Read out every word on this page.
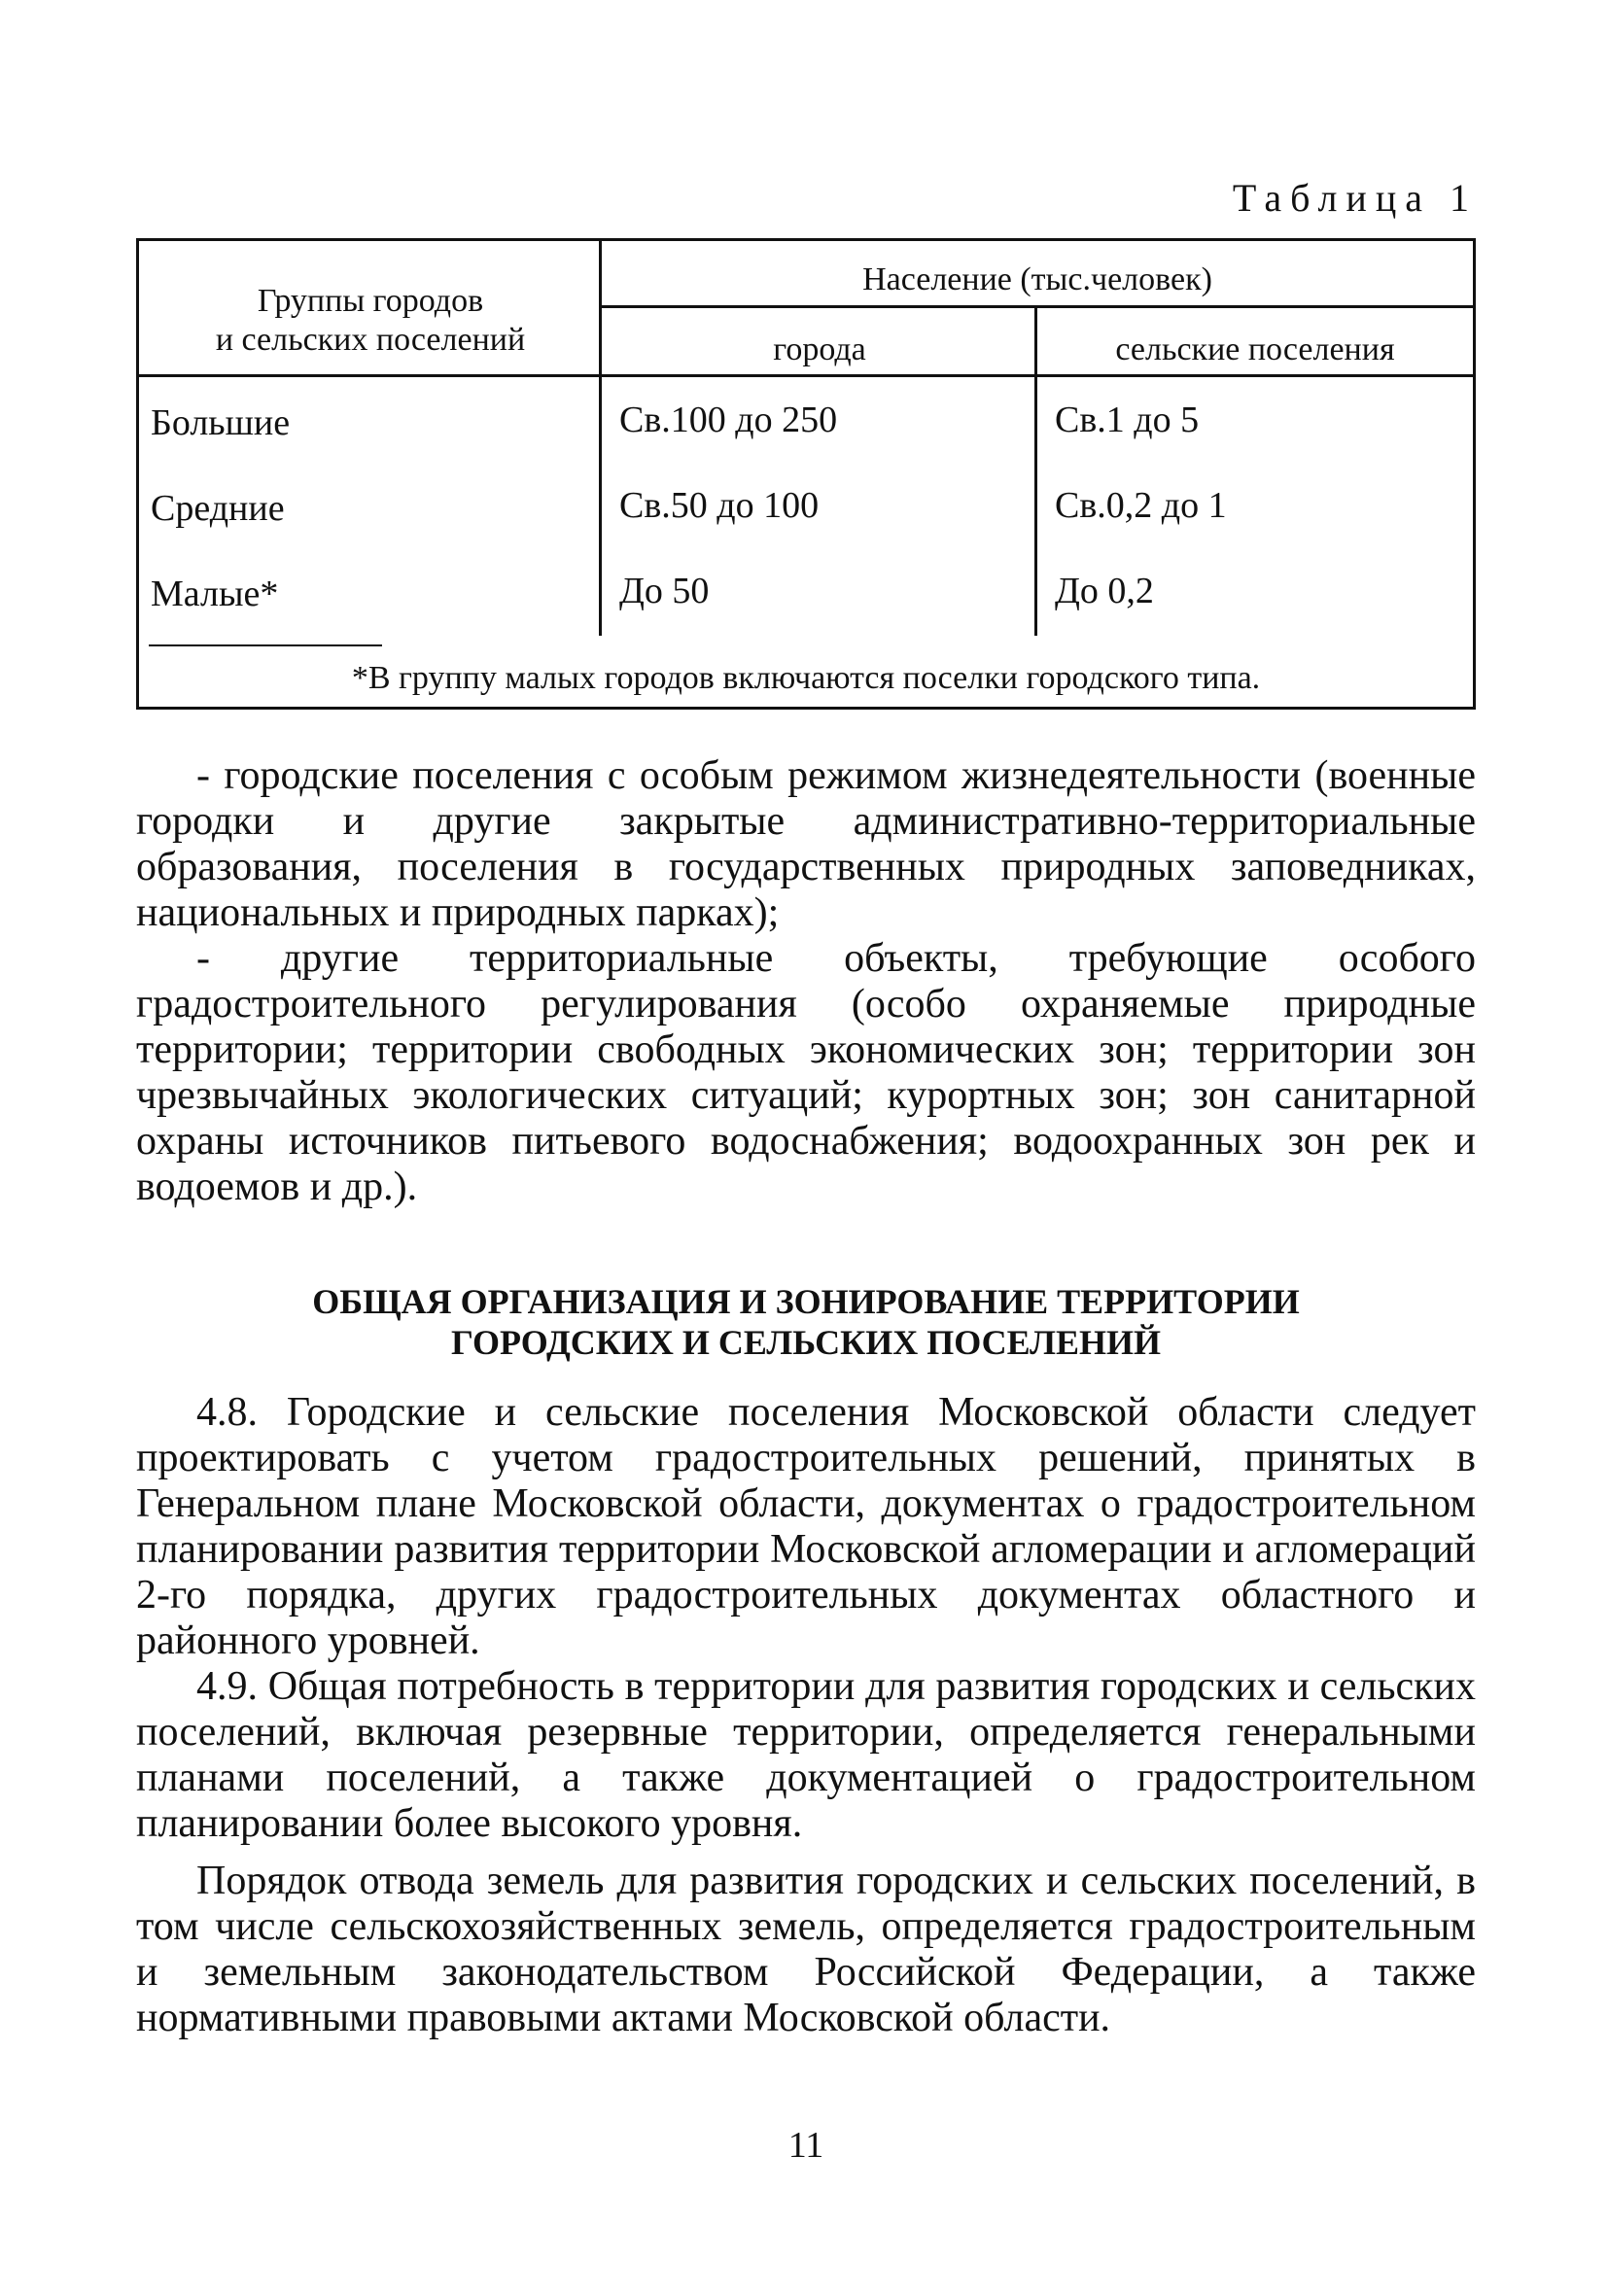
Таблица 1
Группы городов
и сельских поселений
Население (тыс.человек)
города	сельские поселения
Большие	Св.100 до 250	Св.1 до 5
Средние	Св.50 до 100	Св.0,2 до 1
Малые*	До 50	До 0,2
*В группу малых городов включаются поселки городского типа.

- городские поселения с особым режимом жизнедеятельности (военные городки и другие закрытые административно-территориальные образования, поселения в государственных природных заповедниках, национальных и природных парках);

- другие территориальные объекты, требующие особого градостроительного регулирования (особо охраняемые природные территории; территории свободных экономических зон; территории зон чрезвычайных экологических ситуаций; курортных зон; зон санитарной охраны источников питьевого водоснабжения; водоохранных зон рек и водоемов и др.).

ОБЩАЯ ОРГАНИЗАЦИЯ И ЗОНИРОВАНИЕ ТЕРРИТОРИИ
ГОРОДСКИХ И СЕЛЬСКИХ ПОСЕЛЕНИЙ

4.8. Городские и сельские поселения Московской области следует проектировать с учетом градостроительных решений, принятых в Генеральном плане Московской области, документах о градостроительном планировании развития территории Московской агломерации и агломераций 2-го порядка, других градостроительных документах областного и районного уровней.

4.9. Общая потребность в территории для развития городских и сельских поселений, включая резервные территории, определяется генеральными планами поселений, а также документацией о градостроительном планировании более высокого уровня.

Порядок отвода земель для развития городских и сельских поселений, в том числе сельскохозяйственных земель, определяется градостроительным и земельным законодательством Российской Федерации, а также нормативными правовыми актами Московской области.

11
